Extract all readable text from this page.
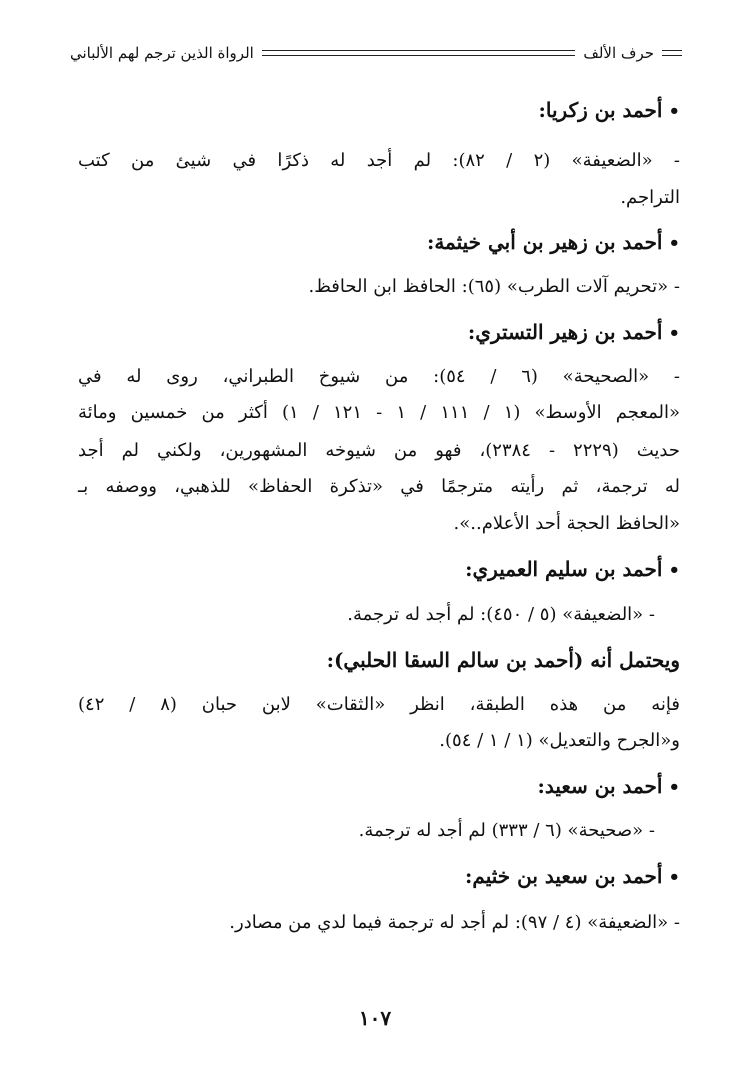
حرف الألف
الرواة الذين ترجم لهم الألباني
•أحمد بن زكريا:
- «الضعيفة» (٢ / ٨٢): لم أجد له ذكرًا في شيئ من كتب
التراجم.
•أحمد بن زهير بن أبي خيثمة:
- «تحريم آلات الطرب» (٦٥): الحافظ ابن الحافظ.
•أحمد بن زهير التستري:
- «الصحيحة» (٦ / ٥٤): من شيوخ الطبراني، روى له في
«المعجم الأوسط» (١ / ١١١ / ١ - ١٢١ / ١) أكثر من خمسين ومائة
حديث (٢٢٢٩ - ٢٣٨٤)، فهو من شيوخه المشهورين، ولكني لم أجد
له ترجمة، ثم رأيته مترجمًا في «تذكرة الحفاظ» للذهبي، ووصفه بـ
«الحافظ الحجة أحد الأعلام..».
•أحمد بن سليم العميري:
- «الضعيفة» (٥ / ٤٥٠): لم أجد له ترجمة.
ويحتمل أنه (أحمد بن سالم السقا الحلبي):
فإنه من هذه الطبقة، انظر «الثقات» لابن حبان (٨ / ٤٢)
و«الجرح والتعديل» (١ / ١ / ٥٤).
•أحمد بن سعيد:
- «صحيحة» (٦ / ٣٣٣) لم أجد له ترجمة.
•أحمد بن سعيد بن خثيم:
- «الضعيفة» (٤ / ٩٧): لم أجد له ترجمة فيما لدي من مصادر.
١٠٧
